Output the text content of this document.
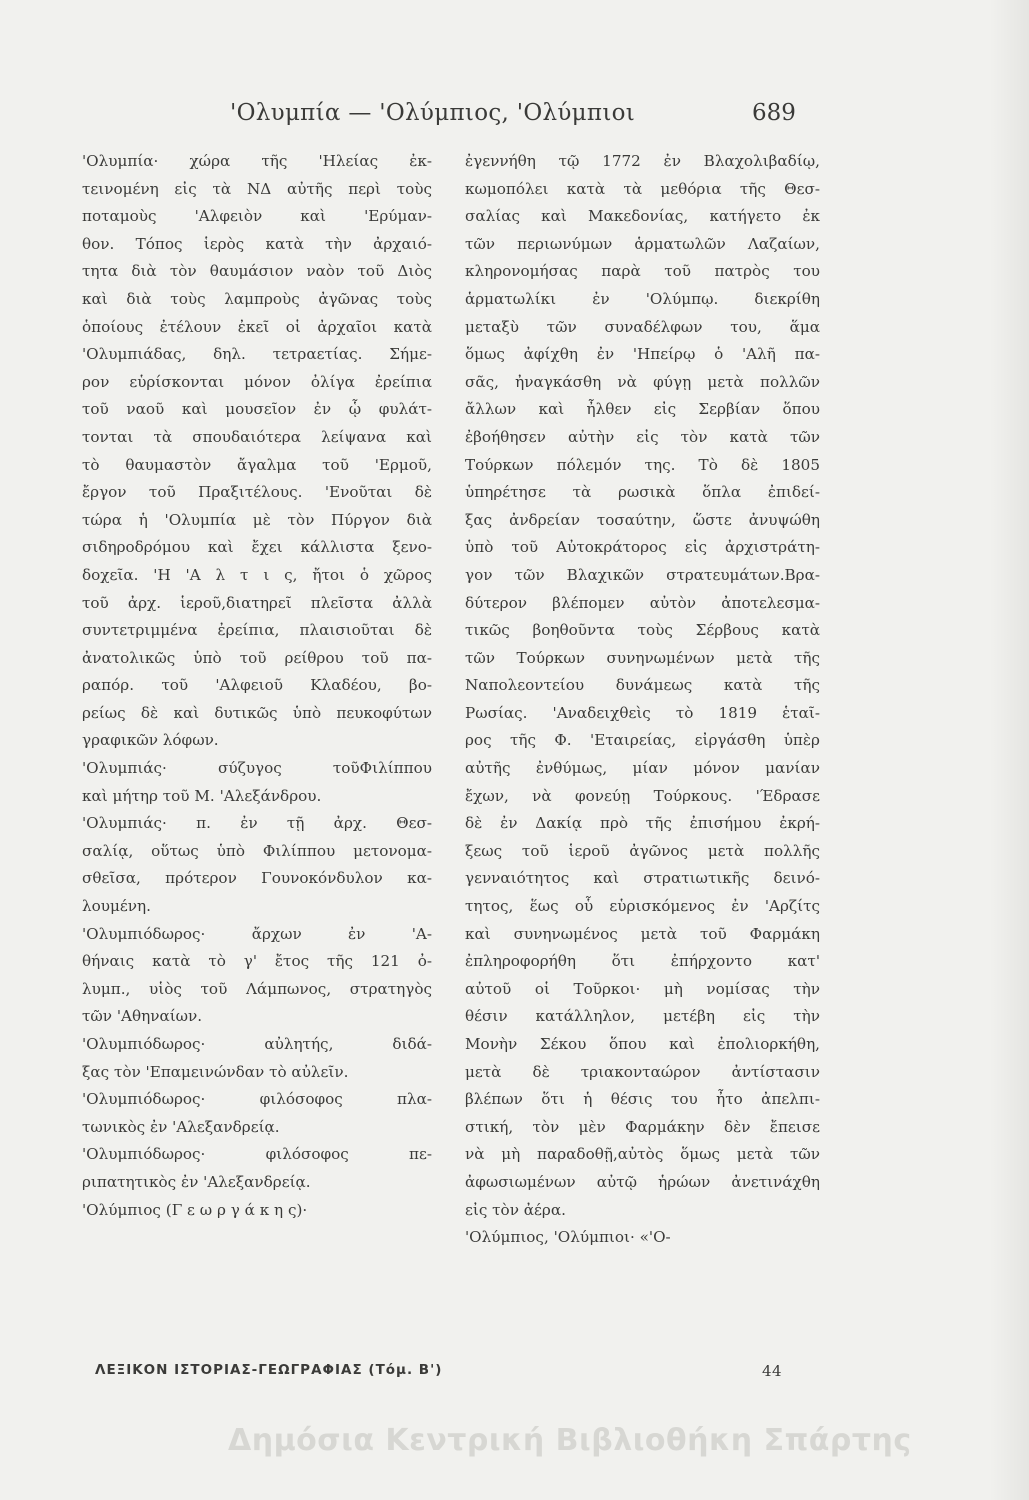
'Ολυμπία — 'Ολύμπιος, 'Ολύμπιοι	689
'Ολυμπία· χώρα τῆς 'Ηλείας ἐκ-
τεινομένη εἰς τὰ ΝΔ αὐτῆς περὶ τοὺς
ποταμοὺς 'Αλφειὸν καὶ 'Ερύμαν-
θον. Τόπος ἱερὸς κατὰ τὴν ἀρχαιό-
τητα διὰ τὸν θαυμάσιον ναὸν τοῦ Διὸς
καὶ διὰ τοὺς λαμπροὺς ἀγῶνας τοὺς
ὁποίους ἐτέλουν ἐκεῖ οἱ ἀρχαῖοι κατὰ
'Ολυμπιάδας, δηλ. τετραετίας. Σήμε-
ρον εὑρίσκονται μόνον ὀλίγα ἐρείπια
τοῦ ναοῦ καὶ μουσεῖον ἐν ᾧ φυλάτ-
τονται τὰ σπουδαιότερα λείψανα καὶ
τὸ θαυμαστὸν ἄγαλμα τοῦ 'Ερμοῦ,
ἔργον τοῦ Πραξιτέλους. 'Ενοῦται δὲ
τώρα ἡ 'Ολυμπία μὲ τὸν Πύργον διὰ
σιδηροδρόμου καὶ ἔχει κάλλιστα ξενο-
δοχεῖα. 'Η 'Α λ τ ι ς, ἤτοι ὁ χῶρος
τοῦ ἀρχ. ἱεροῦ,διατηρεῖ πλεῖστα ἀλλὰ
συντετριμμένα ἐρείπια, πλαισιοῦται δὲ
ἀνατολικῶς ὑπὸ τοῦ ρείθρου τοῦ πα-
ραπόρ. τοῦ 'Αλφειοῦ Κλαδέου, βο-
ρείως δὲ καὶ δυτικῶς ὑπὸ πευκοφύτων
γραφικῶν λόφων.
'Ολυμπιάς· σύζυγος τοῦΦιλίππου
καὶ μήτηρ τοῦ Μ. 'Αλεξάνδρου.
'Ολυμπιάς· π. ἐν τῇ ἀρχ. Θεσ-
σαλίᾳ, οὕτως ὑπὸ Φιλίππου μετονομα-
σθεῖσα, πρότερον Γουνοκόνδυλον κα-
λουμένη.
'Ολυμπιόδωρος· ἄρχων ἐν 'Α-
θήναις κατὰ τὸ γ' ἔτος τῆς 121 ὀ-
λυμπ., υἱὸς τοῦ Λάμπωνος, στρατηγὸς
τῶν 'Αθηναίων.
'Ολυμπιόδωρος· αὐλητής, διδά-
ξας τὸν 'Επαμεινώνδαν τὸ αὐλεῖν.
'Ολυμπιόδωρος· φιλόσοφος πλα-
τωνικὸς ἐν 'Αλεξανδρείᾳ.
'Ολυμπιόδωρος· φιλόσοφος πε-
ριπατητικὸς ἐν 'Αλεξανδρείᾳ.
'Ολύμπιος (Γ ε ω ρ γ ά κ η ς)·
ἐγεννήθη τῷ 1772 ἐν Βλαχολιβαδίῳ,
κωμοπόλει κατὰ τὰ μεθόρια τῆς Θεσ-
σαλίας καὶ Μακεδονίας, κατήγετο ἐκ
τῶν περιωνύμων ἁρματωλῶν Λαζαίων,
κληρονομήσας παρὰ τοῦ πατρὸς του
ἁρματωλίκι ἐν 'Ολύμπῳ. διεκρίθη
μεταξὺ τῶν συναδέλφων του, ἅμα
ὅμως ἀφίχθη ἐν 'Ηπείρῳ ὁ 'Αλῆ πα-
σᾶς, ἠναγκάσθη νὰ φύγῃ μετὰ πολλῶν
ἄλλων καὶ ἦλθεν εἰς Σερβίαν ὅπου
ἐβοήθησεν αὐτὴν εἰς τὸν κατὰ τῶν
Τούρκων πόλεμόν της. Τὸ δὲ 1805
ὑπηρέτησε τὰ ρωσικὰ ὅπλα ἐπιδεί-
ξας ἀνδρείαν τοσαύτην, ὥστε ἀνυψώθη
ὑπὸ τοῦ Αὐτοκράτορος εἰς ἀρχιστράτη-
γον τῶν Βλαχικῶν στρατευμάτων.Βρα-
δύτερον βλέπομεν αὐτὸν ἀποτελεσμα-
τικῶς βοηθοῦντα τοὺς Σέρβους κατὰ
τῶν Τούρκων συνηνωμένων μετὰ τῆς
Ναπολεοντείου δυνάμεως κατὰ τῆς
Ρωσίας. 'Αναδειχθεὶς τὸ 1819 ἑταῖ-
ρος τῆς Φ. 'Εταιρείας, εἰργάσθη ὑπὲρ
αὐτῆς ἐνθύμως, μίαν μόνον μανίαν
ἔχων, νὰ φονεύῃ Τούρκους. 'Έδρασε
δὲ ἐν Δακίᾳ πρὸ τῆς ἐπισήμου ἐκρή-
ξεως τοῦ ἱεροῦ ἀγῶνος μετὰ πολλῆς
γενναιότητος καὶ στρατιωτικῆς δεινό-
τητος, ἕως οὗ εὑρισκόμενος ἐν 'Αρζίτς
καὶ συνηνωμένος μετὰ τοῦ Φαρμάκη
ἐπληροφορήθη ὅτι ἐπήρχοντο κατ'
αὐτοῦ οἱ Τοῦρκοι· μὴ νομίσας τὴν
θέσιν κατάλληλον, μετέβη εἰς τὴν
Μονὴν Σέκου ὅπου καὶ ἐπολιορκήθη,
μετὰ δὲ τριακονταώρον ἀντίστασιν
βλέπων ὅτι ἡ θέσις του ἦτο ἀπελπι-
στική, τὸν μὲν Φαρμάκην δὲν ἔπεισε
νὰ μὴ παραδοθῇ,αὐτὸς ὅμως μετὰ τῶν
ἀφωσιωμένων αὐτῷ ἡρώων ἀνετινάχθη
εἰς τὸν ἀέρα.
'Ολύμπιος, 'Ολύμπιοι· «'Ο-
ΛΕΞΙΚΟΝ ΙΣΤΟΡΙΑΣ-ΓΕΩΓΡΑΦΙΑΣ (Τόμ. Β')	44
Δημόσια Κεντρική Βιβλιοθήκη Σπάρτης
